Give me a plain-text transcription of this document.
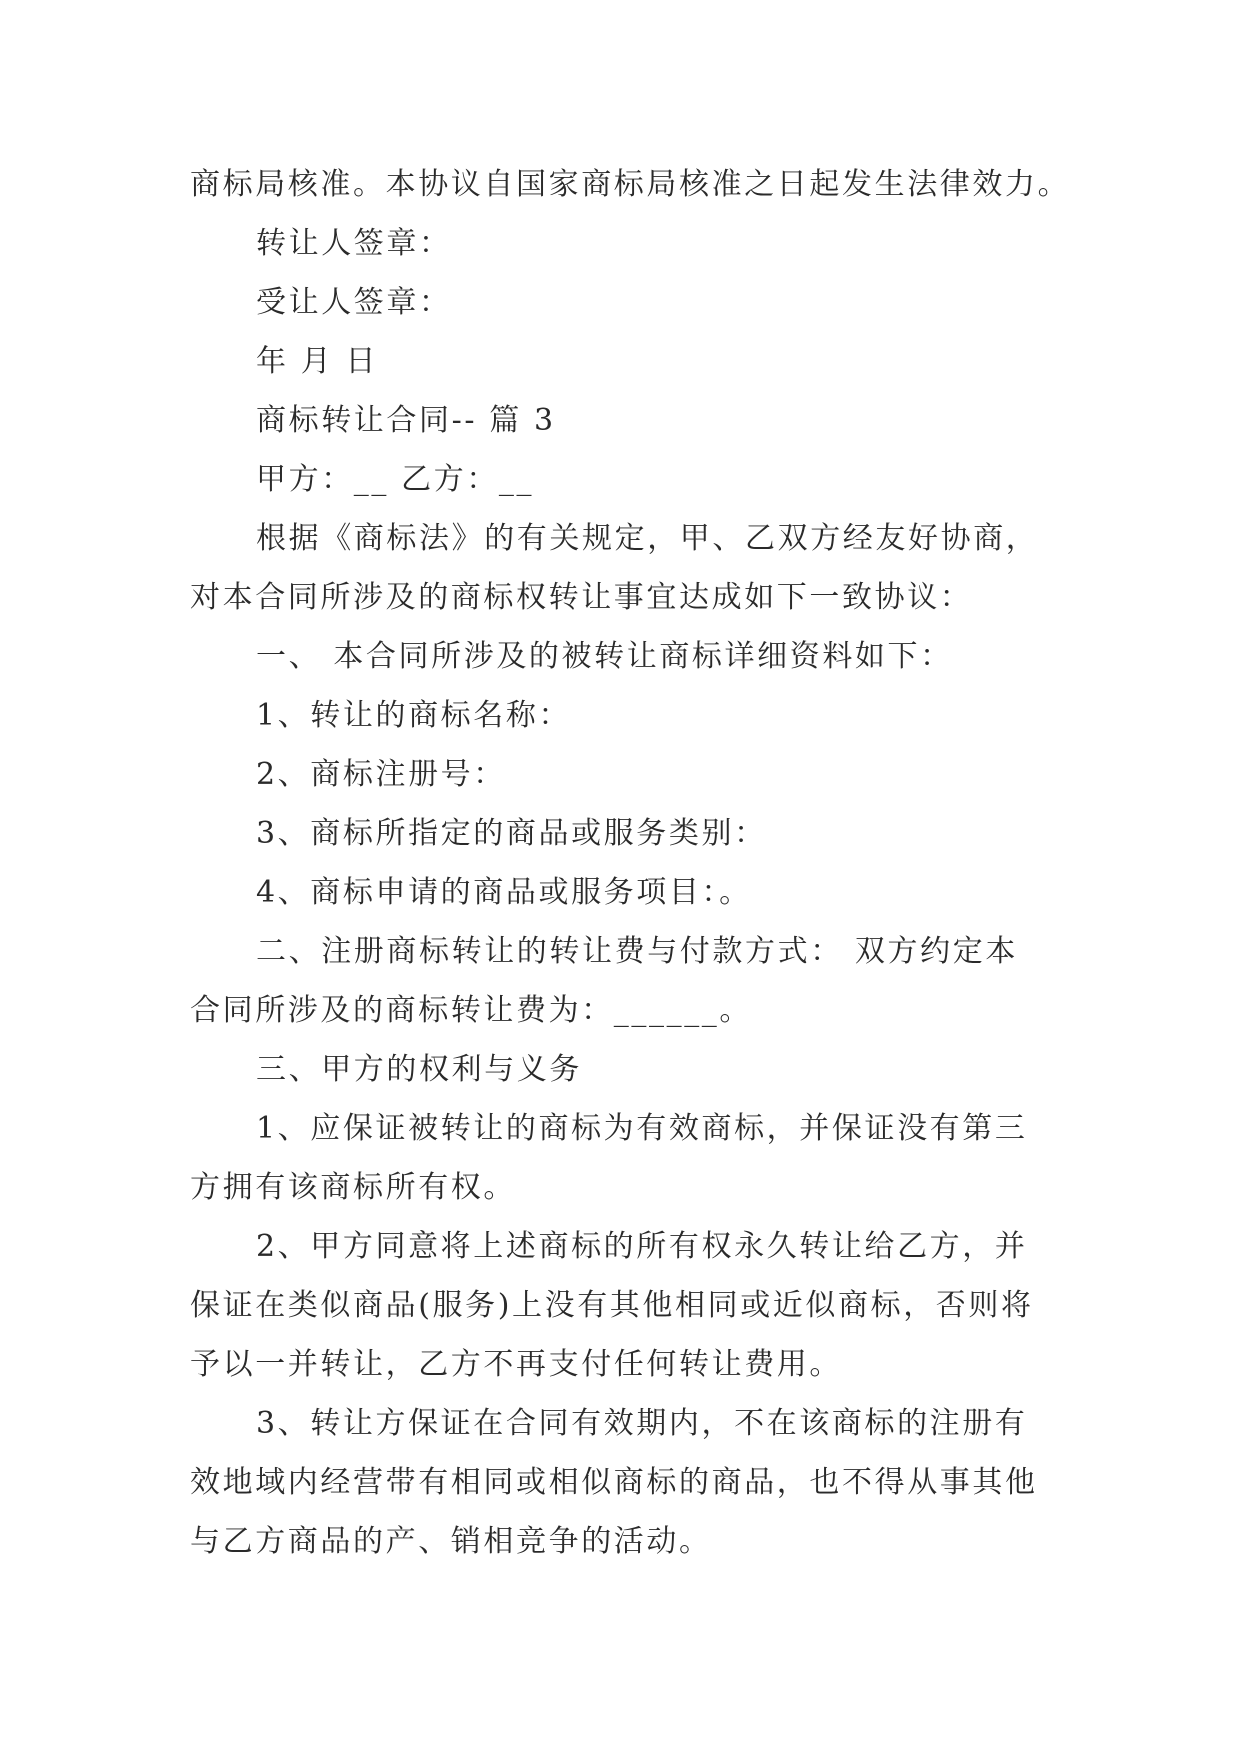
商标局核准。本协议自国家商标局核准之日起发生法律效力。
转让人签章：
受让人签章：
年 月 日
商标转让合同-- 篇 3
甲方：__ 乙方：__
根据《商标法》的有关规定，甲、乙双方经友好协商，
对本合同所涉及的商标权转让事宜达成如下一致协议：
一、 本合同所涉及的被转让商标详细资料如下：
1、转让的商标名称：
2、商标注册号：
3、商标所指定的商品或服务类别：
4、商标申请的商品或服务项目：。
二、注册商标转让的转让费与付款方式： 双方约定本
合同所涉及的商标转让费为：______。
三、甲方的权利与义务
1、应保证被转让的商标为有效商标，并保证没有第三
方拥有该商标所有权。
2、甲方同意将上述商标的所有权永久转让给乙方，并
保证在类似商品(服务)上没有其他相同或近似商标，否则将
予以一并转让，乙方不再支付任何转让费用。
3、转让方保证在合同有效期内，不在该商标的注册有
效地域内经营带有相同或相似商标的商品，也不得从事其他
与乙方商品的产、销相竞争的活动。
